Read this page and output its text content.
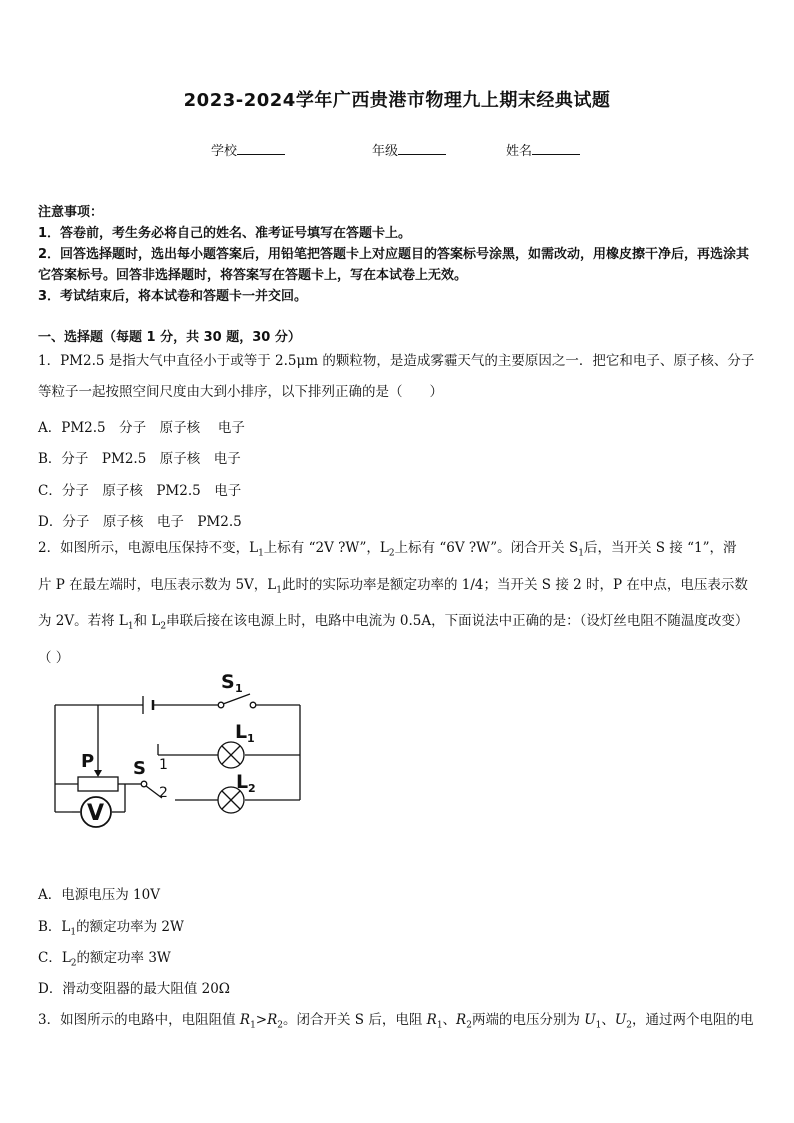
2023-2024学年广西贵港市物理九上期末经典试题
学校	年级	姓名

注意事项：

1．答卷前，考生务必将自己的姓名、准考证号填写在答题卡上。

2．回答选择题时，选出每小题答案后，用铅笔把答题卡上对应题目的答案标号涂黑，如需改动，用橡皮擦干净后，再选涂其它答案标号。回答非选择题时，将答案写在答题卡上，写在本试卷上无效。

3．考试结束后，将本试卷和答题卡一并交回。

一、选择题（每题 1 分，共 30 题，30 分）

1．PM2.5 是指大气中直径小于或等于 2.5μm 的颗粒物，是造成雾霾天气的主要原因之一．把它和电子、原子核、分子

等粒子一起按照空间尺度由大到小排序，以下排列正确的是（　　）

A．PM2.5　分子　原子核　 电子
B．分子　PM2.5　原子核　电子
C．分子　原子核　PM2.5　电子
D．分子　原子核　电子　PM2.5

2．如图所示，电源电压保持不变，$L_1$上标有 “2V ?W”，$L_2$上标有 “6V ?W”。闭合开关 $S_1$后，当开关 S 接 “1”，滑

片 P 在最左端时，电压表示数为 5V，$L_1$此时的实际功率是额定功率的 1/4；当开关 S 接 2 时，P 在中点，电压表示数

为 2V。若将 $L_1$和 $L_2$串联后接在该电源上时，电路中电流为 0.5A，下面说法中正确的是：（设灯丝电阻不随温度改变）

（ ）

S 1
L 1
L 2
P S 1
2
V
A．电源电压为 10V
B．$L_1$的额定功率为 2W
C．$L_2$的额定功率 3W
D．滑动变阻器的最大阻值 20Ω
3．如图所示的电路中，电阻阻值 $R_1>R_2$。闭合开关 S 后，电阻 $R_1$、$R_2$两端的电压分别为 $U_1$、$U_2$，通过两个电阻的电
